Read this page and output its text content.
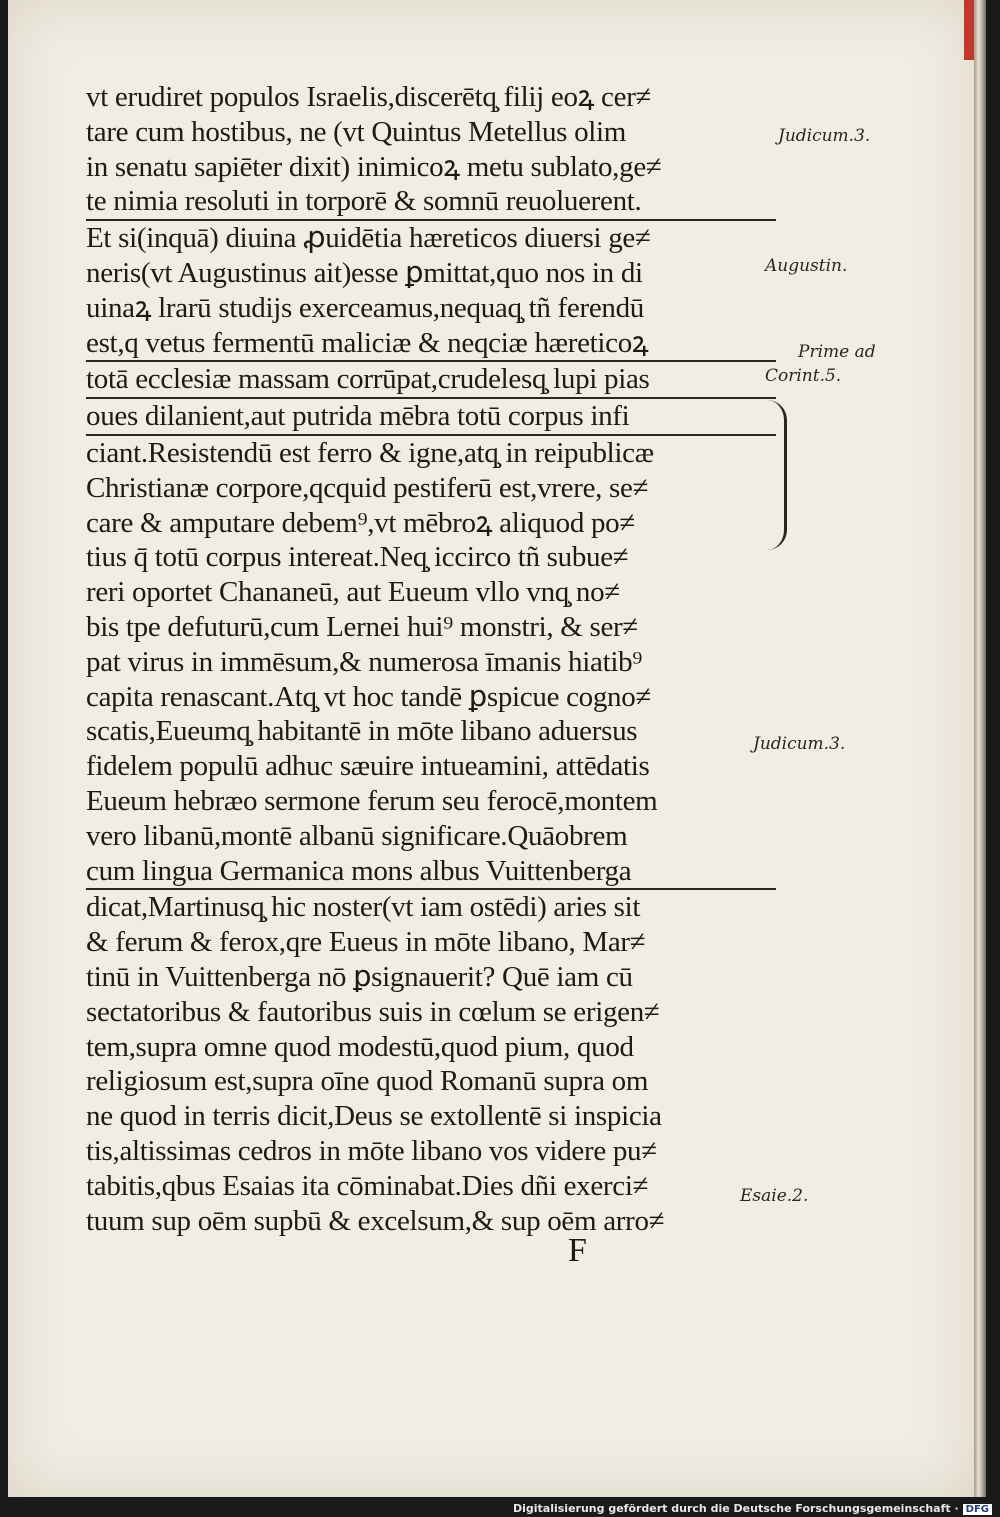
vt erudiret populos Israelis,discerētq̧ filij eoꝝ cer≠
tare cum hostibus, ne (vt Quintus Metellus olim
in senatu sapiēter dixit) inimicoꝝ metu sublato,ge≠
te nimia resoluti in torporē & somnū reuoluerent.
Et si(inquā) diuina ꝓuidētia hæreticos diuersi ge≠
neris(vt Augustinus ait)esse ꝑmittat,quo nos in di
uinaꝝ lrarū studijs exerceamus,nequaq̧ tñ ferendū
est,q vetus fermentū maliciæ & neqciæ hæreticoꝝ
totā ecclesiæ massam corrūpat,crudelesq̧ lupi pias
oues dilanient,aut putrida mēbra totū corpus infi
ciant.Resistendū est ferro & igne,atq̧ in reipublicæ
Christianæ corpore,qcquid pestiferū est,vrere, se≠
care & amputare debem⁹,vt mēbroꝝ aliquod po≠
tius q̄ totū corpus intereat.Neq̧ iccirco tñ subue≠
reri oportet Chananeū, aut Eueum vllo vnq̧ no≠
bis tpe defuturū,cum Lernei hui⁹ monstri, & ser≠
pat virus in immēsum,& numerosa īmanis hiatib⁹
capita renascant.Atq̧ vt hoc tandē ꝑspicue cogno≠
scatis,Eueumq̧ habitantē in mōte libano aduersus
fidelem populū adhuc sæuire intueamini, attēdatis
Eueum hebræo sermone ferum seu ferocē,montem
vero libanū,montē albanū significare.Quāobrem
cum lingua Germanica mons albus Vuittenberga
dicat,Martinusq̧ hic noster(vt iam ostēdi) aries sit
& ferum & ferox,qre Eueus in mōte libano, Mar≠
tinū in Vuittenberga nō ꝑsignauerit? Quē iam cū
sectatoribus & fautoribus suis in cœlum se erigen≠
tem,supra omne quod modestū,quod pium, quod
religiosum est,supra oīne quod Romanū supra om
ne quod in terris dicit,Deus se extollentē si inspicia
tis,altissimas cedros in mōte libano vos videre pu≠
tabitis,qbus Esaias ita cōminabat.Dies dñi exerci≠
tuum sup oēm supbū & excelsum,& sup oēm arro≠
F
Judicum.3.
Augustin.
Prime ad
Corint.5.
Judicum.3.
Esaie.2.
Digitalisierung gefördert durch die Deutsche Forschungsgemeinschaft · DFG
